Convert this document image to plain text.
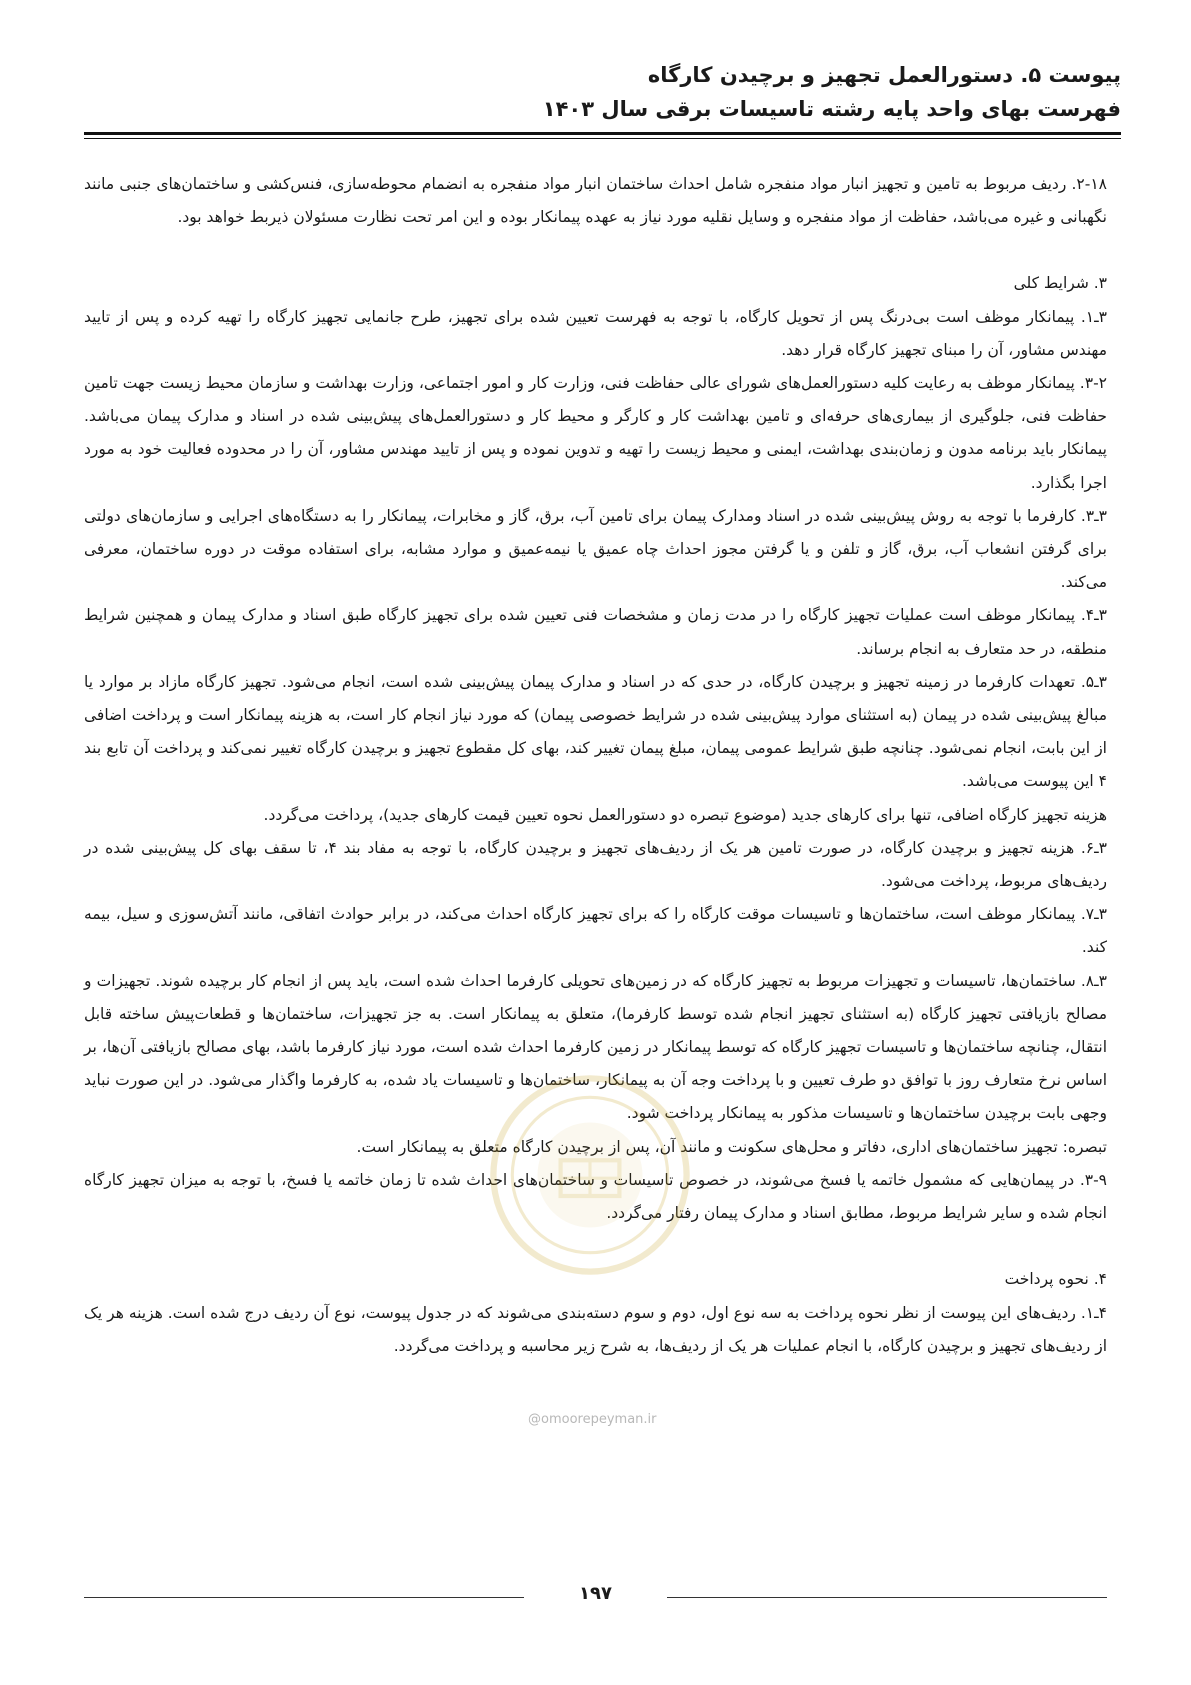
پیوست ۵. دستورالعمل تجهیز و برچیدن کارگاه
فهرست بهای واحد پایه رشته تاسیسات برقی سال ۱۴۰۳

۲-۱۸. ردیف مربوط به تامین و تجهیز انبار مواد منفجره شامل احداث ساختمان انبار مواد منفجره به انضمام محوطه‌سازی، فنس‌کشی و ساختمان‌های جنبی مانند نگهبانی و غیره می‌باشد، حفاظت از مواد منفجره و وسایل نقلیه مورد نیاز به عهده پیمانکار بوده و این امر تحت نظارت مسئولان ذیربط خواهد بود.

۳. شرایط کلی

۳ـ۱. پیمانکار موظف است بی‌درنگ پس از تحویل کارگاه، با توجه به فهرست تعیین شده برای تجهیز، طرح جانمایی تجهیز کارگاه را تهیه کرده و پس از تایید مهندس مشاور، آن را مبنای تجهیز کارگاه قرار دهد.

۳-۲. پیمانکار موظف به رعایت کلیه دستورالعمل‌های شورای عالی حفاظت فنی، وزارت کار و امور اجتماعی، وزارت بهداشت و سازمان محیط زیست جهت تامین حفاظت فنی، جلوگیری از بیماری‌های حرفه‌ای و تامین بهداشت کار و کارگر و محیط کار و دستورالعمل‌های پیش‌بینی شده در اسناد و مدارک پیمان می‌باشد. پیمانکار باید برنامه مدون و زمان‌بندی بهداشت، ایمنی و محیط زیست را تهیه و تدوین نموده و پس از تایید مهندس مشاور، آن را در محدوده فعالیت خود به مورد اجرا بگذارد.

۳ـ۳. کارفرما با توجه به روش پیش‌بینی شده در اسناد ومدارک پیمان برای تامین آب، برق، گاز و مخابرات، پیمانکار را به دستگاه‌های اجرایی و سازمان‌های دولتی برای گرفتن انشعاب آب، برق، گاز و تلفن و یا گرفتن مجوز احداث چاه عمیق یا نیمه‌عمیق و موارد مشابه، برای استفاده موقت در دوره ساختمان، معرفی می‌کند.

۳ـ۴. پیمانکار موظف است عملیات تجهیز کارگاه را در مدت زمان و مشخصات فنی تعیین شده برای تجهیز کارگاه طبق اسناد و مدارک پیمان و همچنین شرایط منطقه، در حد متعارف به انجام برساند.

۳ـ۵. تعهدات کارفرما در زمینه تجهیز و برچیدن کارگاه، در حدی که در اسناد و مدارک پیمان پیش‌بینی شده است، انجام می‌شود. تجهیز کارگاه مازاد بر موارد یا مبالغ پیش‌بینی شده در پیمان (به استثنای موارد پیش‌بینی شده در شرایط خصوصی پیمان) که مورد نیاز انجام کار است، به هزینه پیمانکار است و پرداخت اضافی از این بابت، انجام نمی‌شود. چنانچه طبق شرایط عمومی پیمان، مبلغ پیمان تغییر کند، بهای کل مقطوع تجهیز و برچیدن کارگاه تغییر نمی‌کند و پرداخت آن تابع بند ۴ این پیوست می‌باشد.

هزینه تجهیز کارگاه اضافی، تنها برای کارهای جدید (موضوع تبصره دو دستورالعمل نحوه تعیین قیمت کارهای جدید)، پرداخت می‌گردد.

۳ـ۶. هزینه تجهیز و برچیدن کارگاه، در صورت تامین هر یک از ردیف‌های تجهیز و برچیدن کارگاه، با توجه به مفاد بند ۴، تا سقف بهای کل پیش‌بینی شده در ردیف‌های مربوط، پرداخت می‌شود.

۳ـ۷. پیمانکار موظف است، ساختمان‌ها و تاسیسات موقت کارگاه را که برای تجهیز کارگاه احداث می‌کند، در برابر حوادث اتفاقی، مانند آتش‌سوزی و سیل، بیمه کند.

۳ـ۸. ساختمان‌ها، تاسیسات و تجهیزات مربوط به تجهیز کارگاه که در زمین‌های تحویلی کارفرما احداث شده است، باید پس از انجام کار برچیده شوند. تجهیزات و مصالح بازیافتی تجهیز کارگاه (به استثنای تجهیز انجام شده توسط کارفرما)، متعلق به پیمانکار است. به جز تجهیزات، ساختمان‌ها و قطعات‌پیش ساخته قابل انتقال، چنانچه ساختمان‌ها و تاسیسات تجهیز کارگاه که توسط پیمانکار در زمین کارفرما احداث شده است، مورد نیاز کارفرما باشد، بهای مصالح بازیافتی آن‌ها، بر اساس نرخ متعارف روز با توافق دو طرف تعیین و با پرداخت وجه آن به پیمانکار، ساختمان‌ها و تاسیسات یاد شده، به کارفرما واگذار می‌شود. در این صورت نباید وجهی بابت برچیدن ساختمان‌ها و تاسیسات مذکور به پیمانکار پرداخت شود.

تبصره: تجهیز ساختمان‌های اداری، دفاتر و محل‌های سکونت و مانند آن، پس از برچیدن کارگاه متعلق به پیمانکار است.

۳-۹. در پیمان‌هایی که مشمول خاتمه یا فسخ می‌شوند، در خصوص تاسیسات و ساختمان‌های احداث شده تا زمان خاتمه یا فسخ، با توجه به میزان تجهیز کارگاه انجام شده و سایر شرایط مربوط، مطابق اسناد و مدارک پیمان رفتار می‌گردد.

۴. نحوه پرداخت

۴ـ۱. ردیف‌های این پیوست از نظر نحوه پرداخت به سه نوع اول، دوم و سوم دسته‌بندی می‌شوند که در جدول پیوست، نوع آن ردیف درج شده است. هزینه هر یک از ردیف‌های تجهیز و برچیدن کارگاه، با انجام عملیات هر یک از ردیف‌ها، به شرح زیر محاسبه و پرداخت می‌گردد.

@omoorepeyman.ir
۱۹۷
